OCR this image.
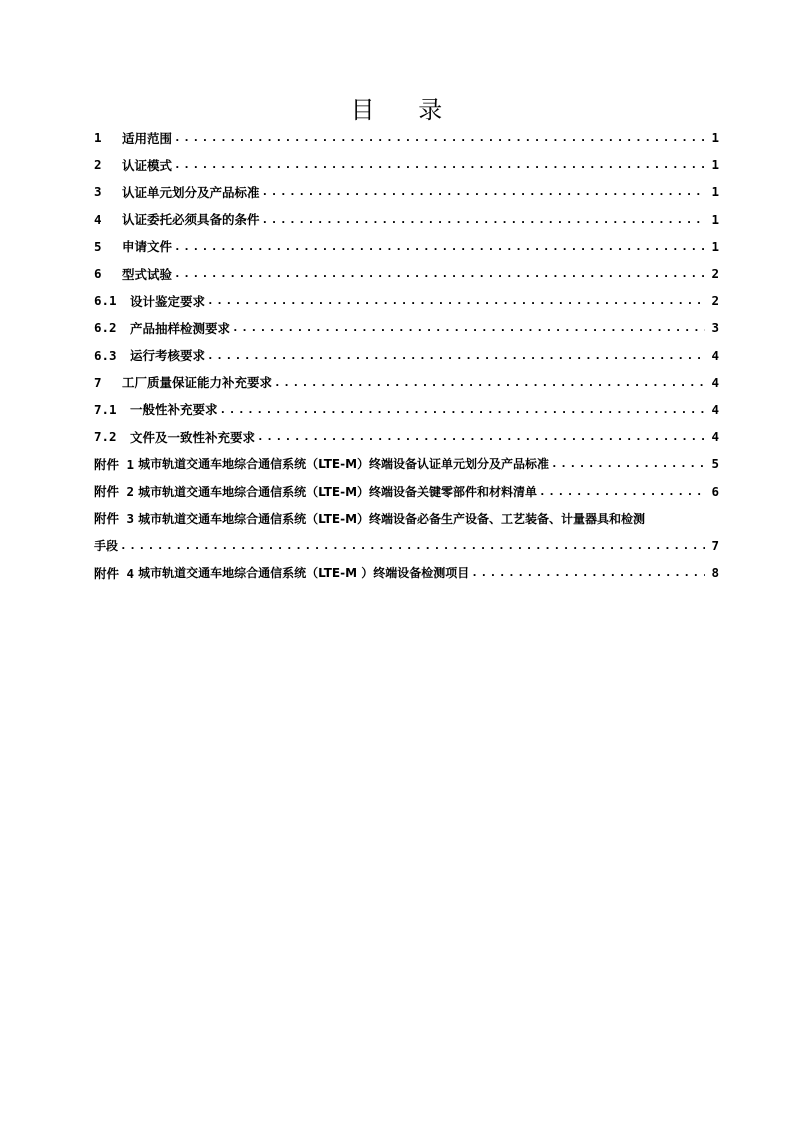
目 录
1	适用范围 .....	1
2	认证模式 .....	1
3	认证单元划分及产品标准 .....	1
4	认证委托必须具备的条件 .....	1
5	申请文件 .....	1
6	型式试验 .....	2
6.1	设计鉴定要求 .....	2
6.2	产品抽样检测要求 .....	3
6.3	运行考核要求 .....	4
7	工厂质量保证能力补充要求 .....	4
7.1	一般性补充要求 .....	4
7.2	文件及一致性补充要求 .....	4
附件 1 城市轨道交通车地综合通信系统（LTE-M）终端设备认证单元划分及产品标准 .....	5
附件 2 城市轨道交通车地综合通信系统（LTE-M）终端设备关键零部件和材料清单 .....	6
附件 3 城市轨道交通车地综合通信系统（LTE-M）终端设备必备生产设备、工艺装备、计量器具和检测
手段 .....	7
附件 4 城市轨道交通车地综合通信系统（LTE-M ）终端设备检测项目 .....	8
